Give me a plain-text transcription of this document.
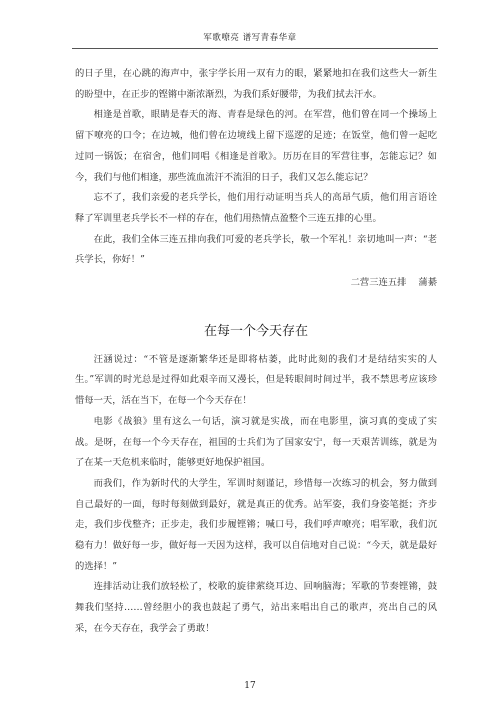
军歌嘹亮 谱写青春华章

的日子里，在心跳的海声中，张宇学长用一双有力的眼，紧紧地扣在我们这些大一新生的盼望中，在正步的铿锵中渐浓渐烈，为我们系好腰带，为我们拭去汗水。

相逢是首歌，眼睛是春天的海、青春是绿色的河。在军营，他们曾在同一个操场上留下嘹亮的口令；在边城，他们曾在边境线上留下巡逻的足迹；在饭堂，他们曾一起吃过同一锅饭；在宿舍，他们同唱《相逢是首歌》。历历在目的军营往事，怎能忘记？如今，我们与他们相逢，那些流血流汗不流泪的日子，我们又怎么能忘记？

忘不了，我们亲爱的老兵学长，他们用行动证明当兵人的高昂气质，他们用言语诠释了军训里老兵学长不一样的存在，他们用热情点盈整个三连五排的心里。

在此，我们全体三连五排向我们可爱的老兵学长，敬一个军礼！亲切地叫一声：“老兵学长，你好！”

二营三连五排 蒲綦
在每一个今天存在

汪涵说过：“不管是逐渐繁华还是即将枯萎，此时此刻的我们才是结结实实的人生。”军训的时光总是过得如此艰辛而又漫长，但是转眼间时间过半，我不禁思考应该珍惜每一天，活在当下，在每一个今天存在！

电影《战狼》里有这么一句话，演习就是实战，而在电影里，演习真的变成了实战。是呀，在每一个今天存在，祖国的士兵们为了国家安宁，每一天艰苦训练，就是为了在某一天危机来临时，能够更好地保护祖国。

而我们，作为新时代的大学生，军训时刻谨记，珍惜每一次练习的机会，努力做到自己最好的一面，每时每刻做到最好，就是真正的优秀。站军姿，我们身姿笔挺；齐步走，我们步伐整齐；正步走，我们步履铿锵；喊口号，我们呼声嘹亮；唱军歌，我们沉稳有力！做好每一步，做好每一天因为这样，我可以自信地对自己说：“今天，就是最好的选择！”

连排活动让我们放轻松了，校歌的旋律萦绕耳边、回响脑海；军歌的节奏铿锵，鼓舞我们坚持……曾经胆小的我也鼓起了勇气，站出来唱出自己的歌声，亮出自己的风采，在今天存在，我学会了勇敢！

17
